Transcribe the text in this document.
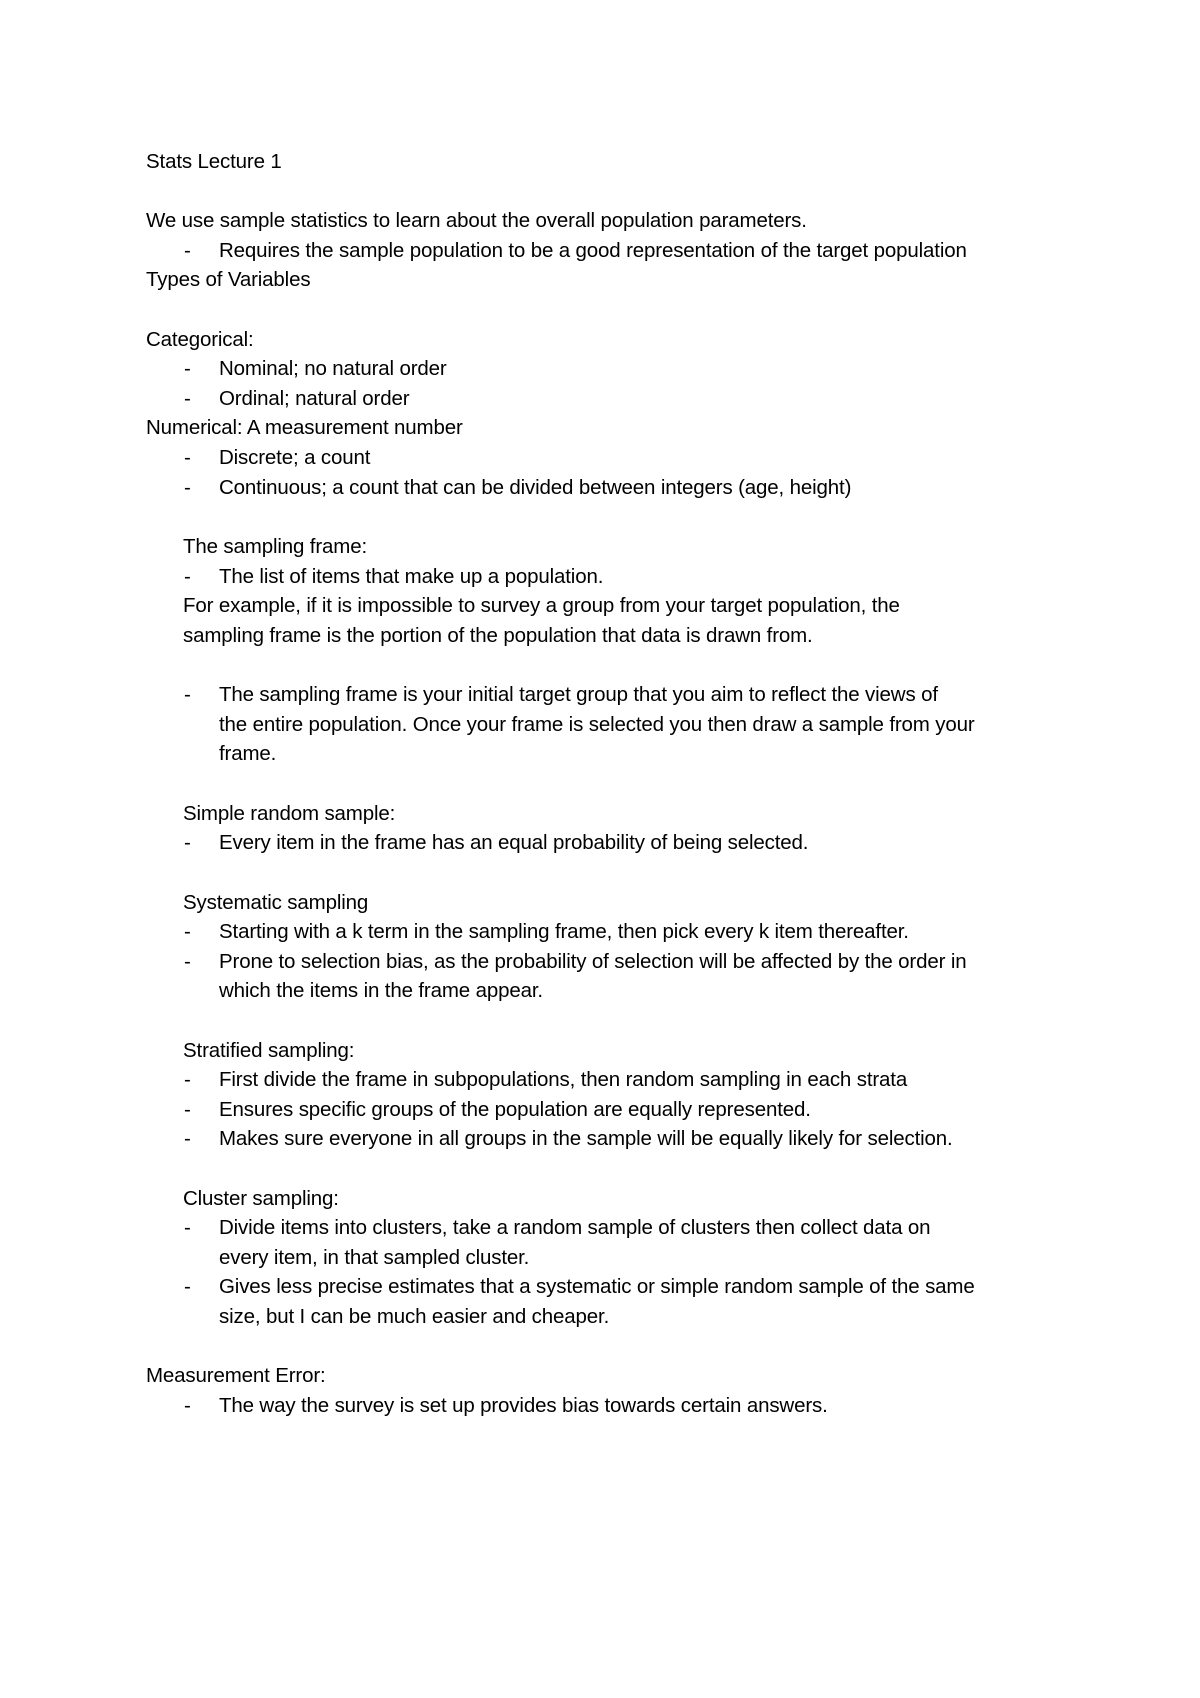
Stats Lecture 1
We use sample statistics to learn about the overall population parameters.
- Requires the sample population to be a good representation of the target population
Types of Variables
Categorical:
- Nominal; no natural order
- Ordinal; natural order
Numerical: A measurement number
- Discrete; a count
- Continuous; a count that can be divided between integers (age, height)
The sampling frame:
- The list of items that make up a population.
For example, if it is impossible to survey a group from your target population, the
sampling frame is the portion of the population that data is drawn from.
- The sampling frame is your initial target group that you aim to reflect the views of
the entire population. Once your frame is selected you then draw a sample from your
frame.
Simple random sample:
- Every item in the frame has an equal probability of being selected.
Systematic sampling
- Starting with a k term in the sampling frame, then pick every k item thereafter.
- Prone to selection bias, as the probability of selection will be affected by the order in
which the items in the frame appear.
Stratified sampling:
- First divide the frame in subpopulations, then random sampling in each strata
- Ensures specific groups of the population are equally represented.
- Makes sure everyone in all groups in the sample will be equally likely for selection.
Cluster sampling:
- Divide items into clusters, take a random sample of clusters then collect data on
every item, in that sampled cluster.
- Gives less precise estimates that a systematic or simple random sample of the same
size, but I can be much easier and cheaper.
Measurement Error:
- The way the survey is set up provides bias towards certain answers.
